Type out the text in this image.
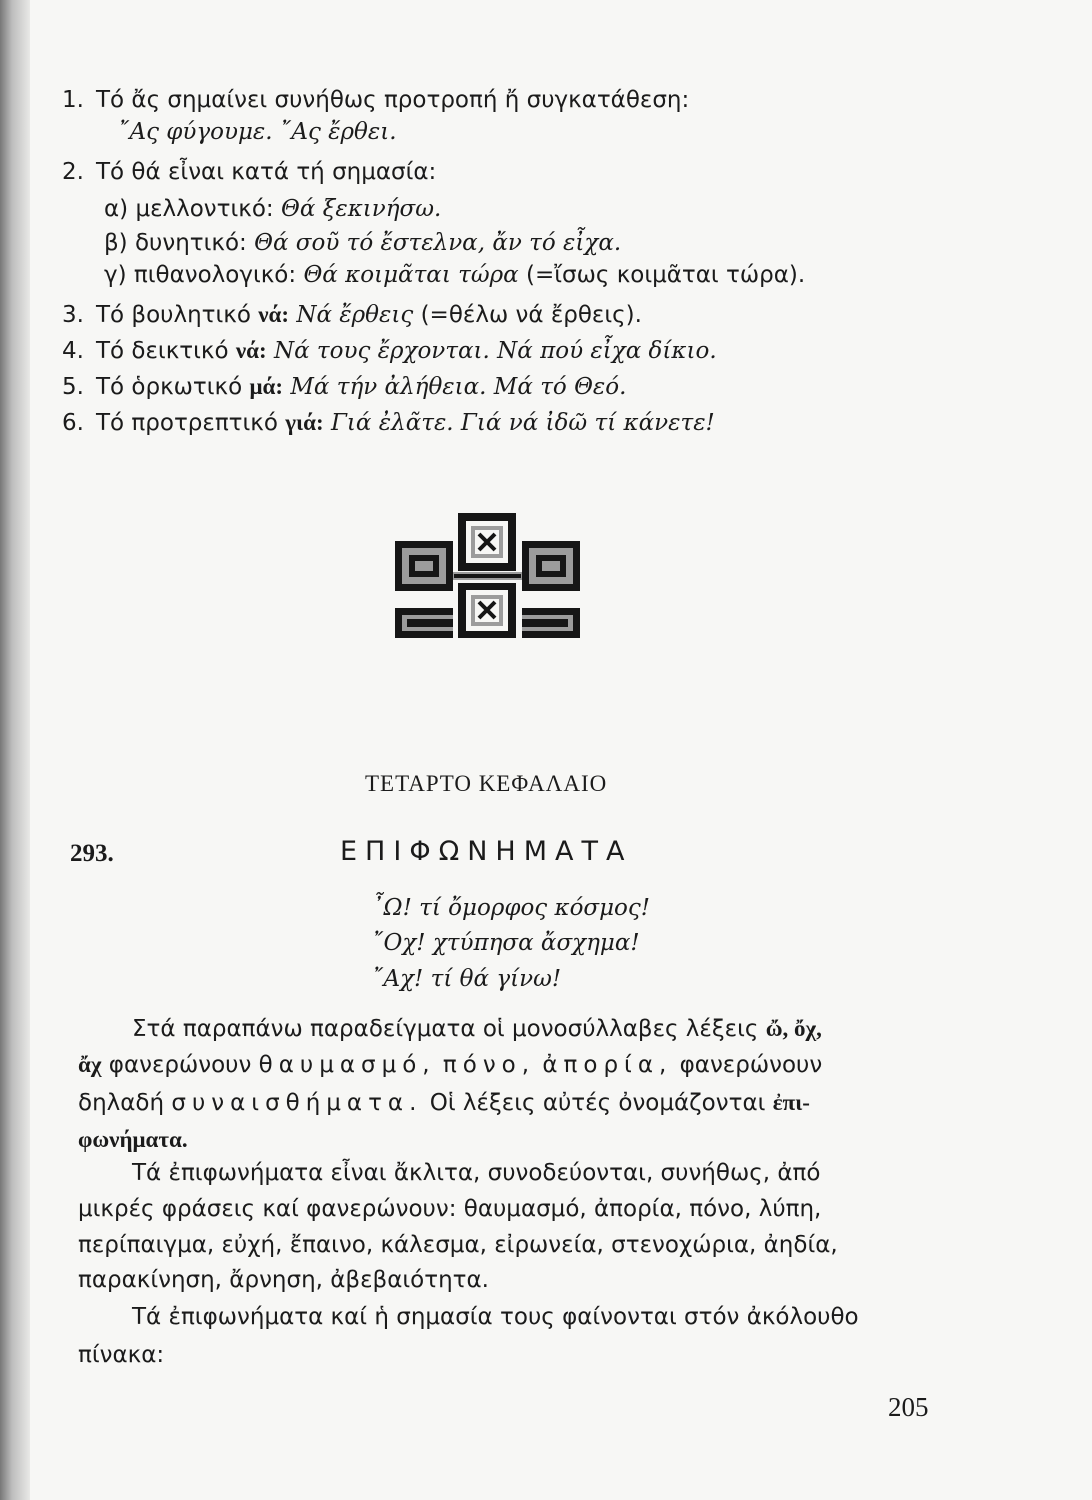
1. Τό ἄς σημαίνει συνήθως προτροπή ἤ συγκατάθεση:
῎Ας φύγουμε. ῎Ας ἔρθει.
2. Τό θά εἶναι κατά τή σημασία:
α) μελλοντικό: Θά ξεκινήσω.
β) δυνητικό: Θά σοῦ τό ἔστελνα, ἄν τό εἶχα.
γ) πιθανολογικό: Θά κοιμᾶται τώρα (=ἴσως κοιμᾶται τώρα).
3. Τό βουλητικό νά: Νά ἔρθεις (=θέλω νά ἔρθεις).
4. Τό δεικτικό νά: Νά τους ἔρχονται. Νά πού εἶχα δίκιο.
5. Τό ὁρκωτικό μά: Μά τήν ἀλήθεια. Μά τό Θεό.
6. Τό προτρεπτικό γιά: Γιά ἐλᾶτε. Γιά νά ἰδῶ τί κάνετε!
ΤΕΤΑΡΤΟ ΚΕΦΑΛΑΙΟ
293.	ΕΠΙΦΩΝΗΜΑΤΑ
῏Ω! τί ὄμορφος κόσμος!
῎Οχ! χτύπησα ἄσχημα!
῎Αχ! τί θά γίνω!
Στά παραπάνω παραδείγματα οἱ μονοσύλλαβες λέξεις ὤ, ὄχ,
ἄχ φανερώνουν θαυμασμό, πόνο, ἀπορία, φανερώνουν
δηλαδή συναισθήματα. Οἱ λέξεις αὐτές ὀνομάζονται ἐπι-
φωνήματα.
Τά ἐπιφωνήματα εἶναι ἄκλιτα, συνοδεύονται, συνήθως, ἀπό
μικρές φράσεις καί φανερώνουν: θαυμασμό, ἀπορία, πόνο, λύπη,
περίπαιγμα, εὐχή, ἔπαινο, κάλεσμα, εἰρωνεία, στενοχώρια, ἀηδία,
παρακίνηση, ἄρνηση, ἀβεβαιότητα.
Τά ἐπιφωνήματα καί ἡ σημασία τους φαίνονται στόν ἀκόλουθο
πίνακα:
205
